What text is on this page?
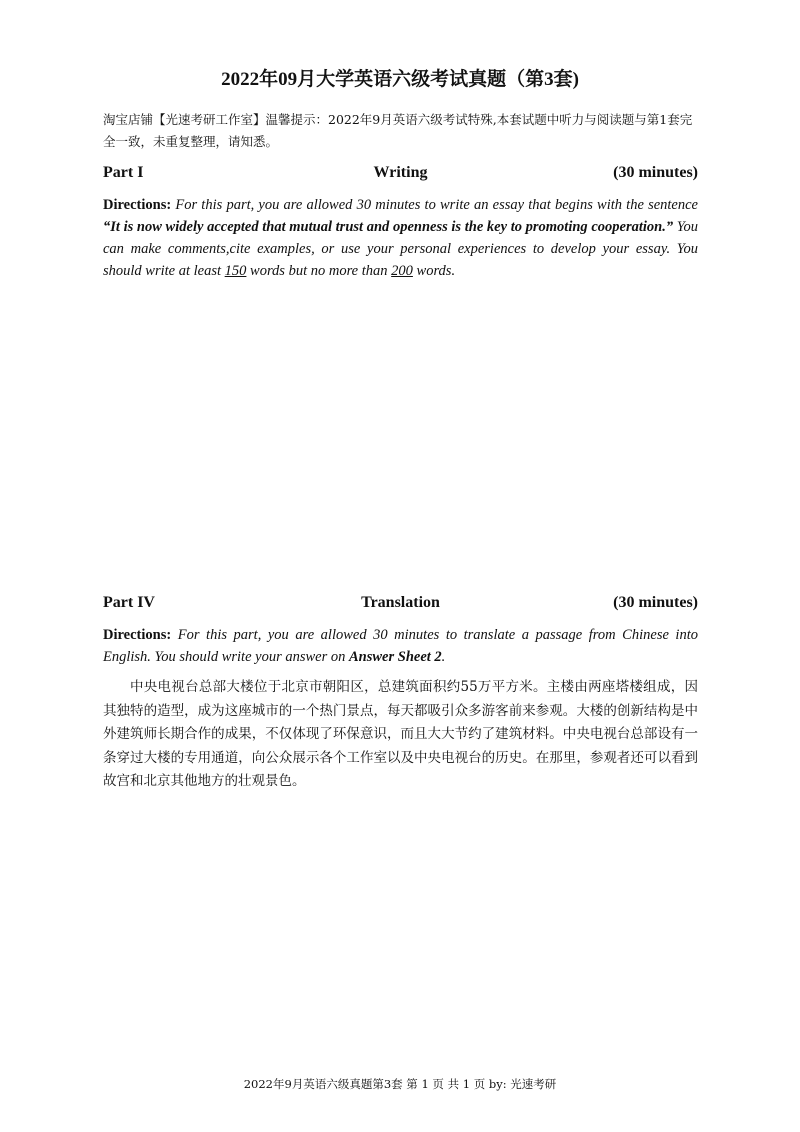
2022年09月大学英语六级考试真题（第3套)
淘宝店铺【光速考研工作室】温馨提示：2022年9月英语六级考试特殊,本套试题中听力与阅读题与第1套完全一致，未重复整理，请知悉。
Part I	Writing	(30 minutes)
Directions: For this part, you are allowed 30 minutes to write an essay that begins with the sentence “It is now widely accepted that mutual trust and openness is the key to promoting cooperation.” You can make comments,cite examples, or use your personal experiences to develop your essay. You should write at least 150 words but no more than 200 words.
Part IV	Translation	(30 minutes)
Directions: For this part, you are allowed 30 minutes to translate a passage from Chinese into English. You should write your answer on Answer Sheet 2.
中央电视台总部大楼位于北京市朝阳区，总建筑面积约55万平方米。主楼由两座塔楼组成，因其独特的造型，成为这座城市的一个热门景点，每天都吸引众多游客前来参观。大楼的创新结构是中外建筑师长期合作的成果，不仅体现了环保意识，而且大大节约了建筑材料。中央电视台总部设有一条穿过大楼的专用通道，向公众展示各个工作室以及中央电视台的历史。在那里，参观者还可以看到故宫和北京其他地方的壮观景色。
2022年9月英语六级真题第3套 第 1 页 共 1 页 by: 光速考研
